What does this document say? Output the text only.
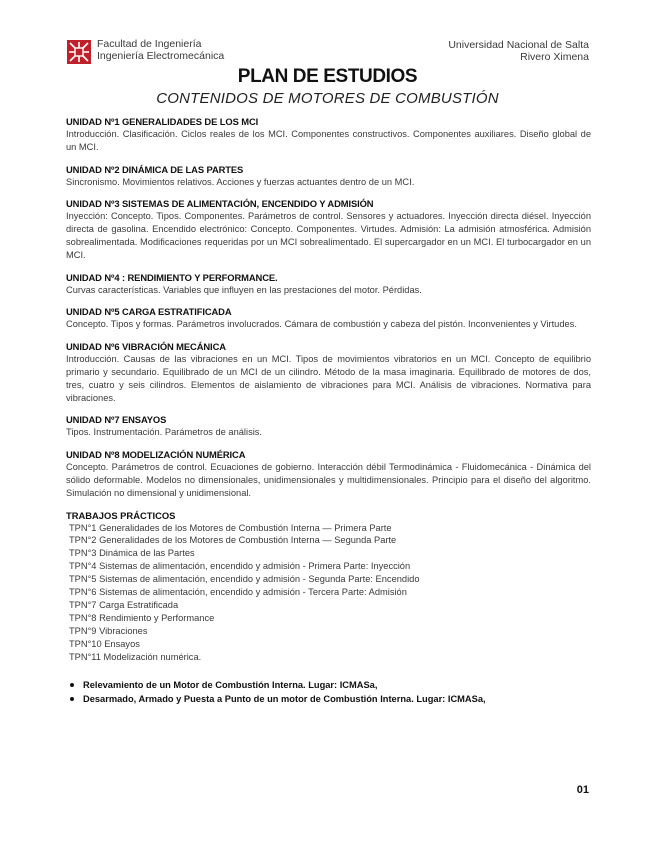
Facultad de Ingeniería
Ingeniería Electromecánica
Universidad Nacional de Salta
Rivero Ximena
PLAN DE ESTUDIOS
CONTENIDOS DE MOTORES DE COMBUSTIÓN

UNIDAD Nº1 GENERALIDADES DE LOS MCI

Introducción. Clasificación. Ciclos reales de los MCI. Componentes constructivos. Componentes auxiliares. Diseño global de un MCI.

UNIDAD Nº2 DINÁMICA DE LAS PARTES

Sincronismo. Movimientos relativos. Acciones y fuerzas actuantes dentro de un MCI.

UNIDAD Nº3 SISTEMAS DE ALIMENTACIÓN, ENCENDIDO Y ADMISIÓN

Inyección: Concepto. Tipos. Componentes. Parámetros de control. Sensores y actuadores. Inyección directa diésel. Inyección directa de gasolina. Encendido electrónico: Concepto. Componentes. Virtudes. Admisión: La admisión atmosférica. Admisión sobrealimentada. Modificaciones requeridas por un MCI sobrealimentado. El supercargador en un MCI. El turbocargador en un MCI.

UNIDAD Nº4 : RENDIMIENTO Y PERFORMANCE.

Curvas características. Variables que influyen en las prestaciones del motor. Pérdidas.

UNIDAD Nº5 CARGA ESTRATIFICADA

Concepto. Tipos y formas. Parámetros involucrados. Cámara de combustión y cabeza del pistón. Inconvenientes y Virtudes.

UNIDAD Nº6 VIBRACIÓN MECÁNICA

Introducción. Causas de las vibraciones en un MCI. Tipos de movimientos vibratorios en un MCI. Concepto de equilibrio primario y secundario. Equilibrado de un MCI de un cilindro. Método de la masa imaginaria. Equilibrado de motores de dos, tres, cuatro y seis cilindros. Elementos de aislamiento de vibraciones para MCI. Análisis de vibraciones. Normativa para vibraciones.

UNIDAD Nº7 ENSAYOS

Tipos. Instrumentación. Parámetros de análisis.

UNIDAD Nº8 MODELIZACIÓN NUMÉRICA

Concepto. Parámetros de control. Ecuaciones de gobierno. Interacción débil Termodinámica - Fluidomecánica - Dinámica del sólido deformable. Modelos no dimensionales, unidimensionales y multidimensionales. Principio para el diseño del algoritmo. Simulación no dimensional y unidimensional.

TRABAJOS PRÁCTICOS

TPN°1 Generalidades de los Motores de Combustión Interna — Primera Parte
TPN°2 Generalidades de los Motores de Combustión Interna — Segunda Parte
TPN°3 Dinámica de las Partes
TPN°4 Sistemas de alimentación, encendido y admisión - Primera Parte: Inyección
TPN°5 Sistemas de alimentación, encendido y admisión - Segunda Parte: Encendido
TPN°6 Sistemas de alimentación, encendido y admisión - Tercera Parte: Admisión
TPN°7 Carga Estratificada
TPN°8 Rendimiento y Performance
TPN°9 Vibraciones
TPN°10 Ensayos
TPN°11 Modelización numérica.
Relevamiento de un Motor de Combustión Interna. Lugar: ICMASa,
Desarmado, Armado y Puesta a Punto de un motor de Combustión Interna. Lugar: ICMASa,
01
